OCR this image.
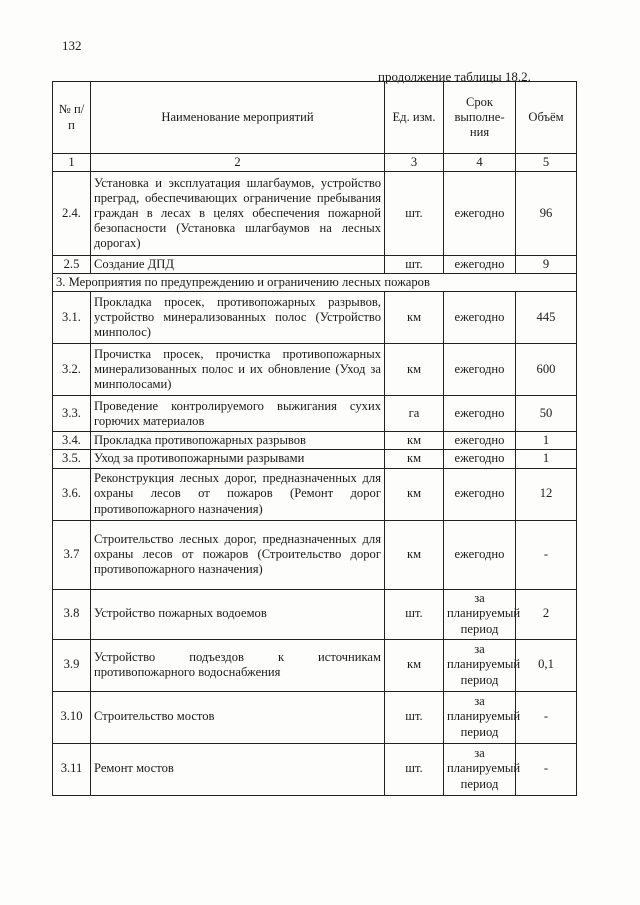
132
продолжение таблицы 18.2.
№ п/п	Наименование мероприятий	Ед. изм.	Срок выполне-ния	Объём
1	2	3	4	5
2.4.	Установка и эксплуатация шлагбаумов, устройство преград, обеспечивающих ограничение пребывания граждан в лесах в целях обеспечения пожарной безопасности (Установка шлагбаумов на лесных дорогах)	шт.	ежегодно	96
2.5	Создание ДПД	шт.	ежегодно	9
3. Мероприятия по предупреждению и ограничению лесных пожаров				
3.1.	Прокладка просек, противопожарных разрывов, устройство минерализованных полос (Устройство минполос)	км	ежегодно	445
3.2.	Прочистка просек, прочистка противопожарных минерализованных полос и их обновление (Уход за минполосами)	км	ежегодно	600
3.3.	Проведение контролируемого выжигания сухих горючих материалов	га	ежегодно	50
3.4.	Прокладка противопожарных разрывов	км	ежегодно	1
3.5.	Уход за противопожарными разрывами	км	ежегодно	1
3.6.	Реконструкция лесных дорог, предназначенных для охраны лесов от пожаров (Ремонт дорог противопожарного назначения)	км	ежегодно	12
3.7	Строительство лесных дорог, предназначенных для охраны лесов от пожаров (Строительство дорог противопожарного назначения)	км	ежегодно	-
3.8	Устройство пожарных водоемов	шт.	за планируемый период	2
3.9	Устройство подъездов к источникам противопожарного водоснабжения	км	за планируемый период	0,1
3.10	Строительство мостов	шт.	за планируемый период	-
3.11	Ремонт мостов	шт.	за планируемый период	-
